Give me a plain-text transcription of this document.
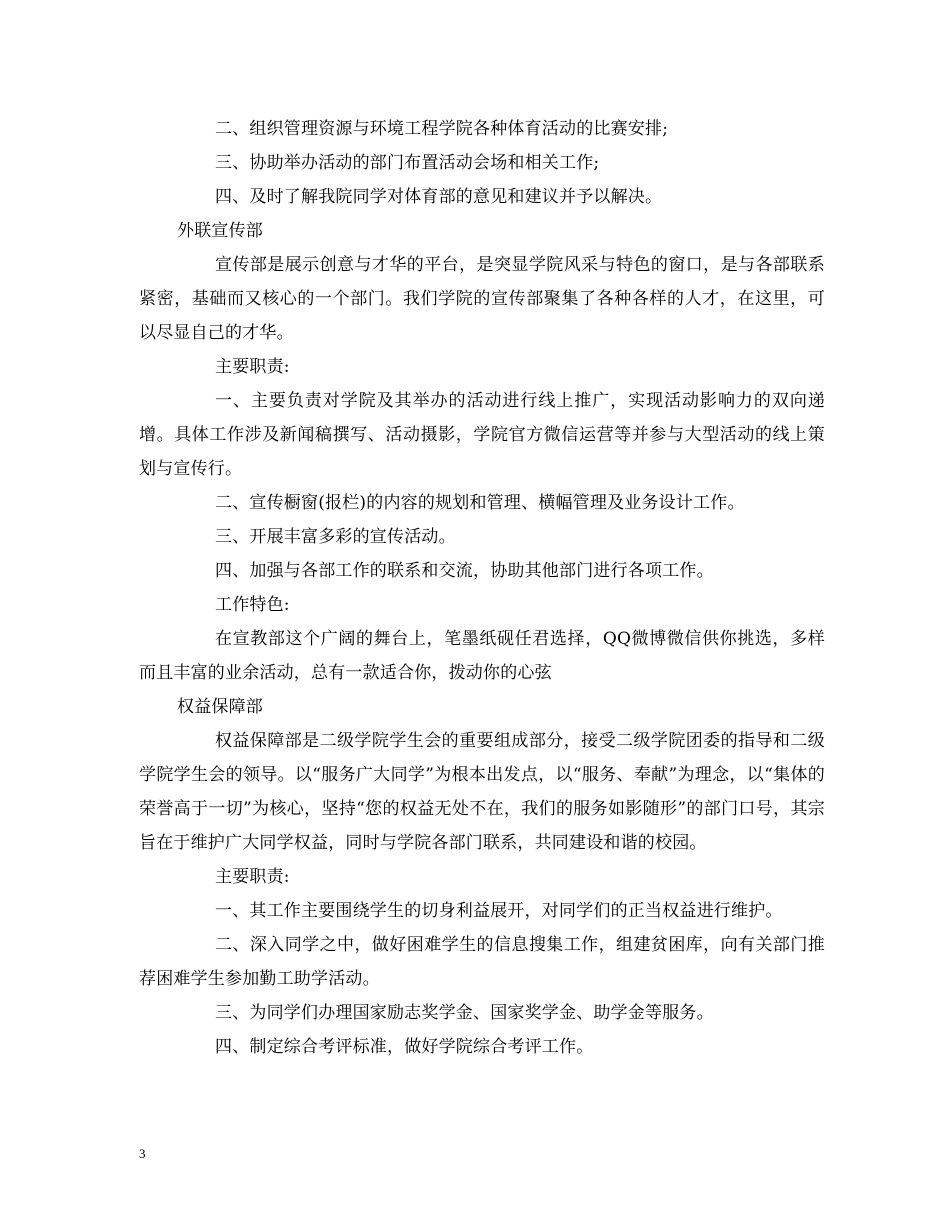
二、组织管理资源与环境工程学院各种体育活动的比赛安排;

三、协助举办活动的部门布置活动会场和相关工作;

四、及时了解我院同学对体育部的意见和建议并予以解决。

外联宣传部

宣传部是展示创意与才华的平台，是突显学院风采与特色的窗口，是与各部联系紧密，基础而又核心的一个部门。我们学院的宣传部聚集了各种各样的人才，在这里，可以尽显自己的才华。

主要职责:

一、主要负责对学院及其举办的活动进行线上推广，实现活动影响力的双向递增。具体工作涉及新闻稿撰写、活动摄影，学院官方微信运营等并参与大型活动的线上策划与宣传行。

二、宣传橱窗(报栏)的内容的规划和管理、横幅管理及业务设计工作。

三、开展丰富多彩的宣传活动。

四、加强与各部工作的联系和交流，协助其他部门进行各项工作。

工作特色:

在宣教部这个广阔的舞台上，笔墨纸砚任君选择，QQ微博微信供你挑选，多样而且丰富的业余活动，总有一款适合你，拨动你的心弦

权益保障部

权益保障部是二级学院学生会的重要组成部分，接受二级学院团委的指导和二级学院学生会的领导。以“服务广大同学”为根本出发点，以“服务、奉献”为理念，以“集体的荣誉高于一切”为核心，坚持“您的权益无处不在，我们的服务如影随形”的部门口号，其宗旨在于维护广大同学权益，同时与学院各部门联系，共同建设和谐的校园。

主要职责:

一、其工作主要围绕学生的切身利益展开，对同学们的正当权益进行维护。

二、深入同学之中，做好困难学生的信息搜集工作，组建贫困库，向有关部门推荐困难学生参加勤工助学活动。

三、为同学们办理国家励志奖学金、国家奖学金、助学金等服务。

四、制定综合考评标准，做好学院综合考评工作。

3
